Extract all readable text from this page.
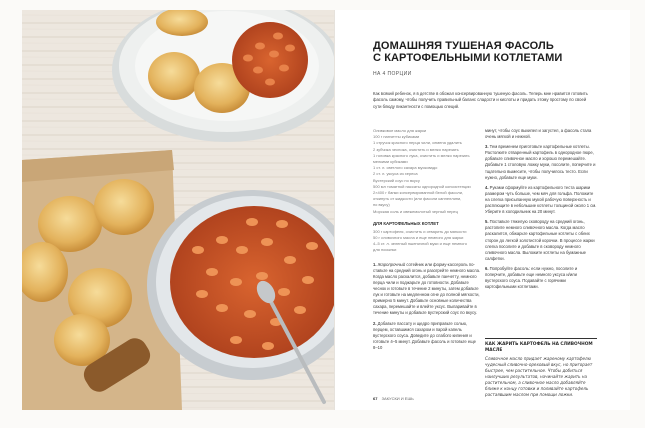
ДОМАШНЯЯ ТУШЕНАЯ ФАСОЛЬ
С КАРТОФЕЛЬНЫМИ КОТЛЕТАМИ

НА 4 ПОРЦИИ

Как всякий ребенок, я в детстве в обожал консервированную тушеную фасоль. Теперь мне нравится готовить фасоль самому, чтобы получить правильный баланс сладости и кислоты и придать этому простому по своей сути блюду пикантности с помощью специй.

Оливковое масло для жарки

100 г панчетты кубиками

1 стручок красного перца чили, семена удалить

2 зубчика чеснока, очистить и мелко нарезать

1 головка красного лука, очистить и мелко нарезать

мелкими кубиками

1 ст. л. светлого сахара мусковадо

2 ст. л. уксуса из хереса

Вустерский соус по вкусу

500 мл томатной пассаты однородной консистенции

2×400 г банки консервированной белой фасоли,

откинуть от жидкости (или фасоли каннеллини,

по вкусу)

Морская соль и свежемолотый черный перец

ДЛЯ КАРТОФЕЛЬНЫХ КОТЛЕТ

300 г картофеля, очистить и отварить до мягкости

50 г сливочного масла и еще немного для жарки

4–5 ст. л. зеленый пшеничной муки и еще немного

для посыпки

1. Жаропрочный сотейник или форму-кассероль по-ставьте на средний огонь и разогрейте немного масла. Когда масло раскалится, добавьте панчетту, немного перца чили и поджарьте до готовности. Добавьте чеснок и готовьте в течение 2 минуты, затем добавьте лук и готовьте на медленном огне до полной мягкости, примерно 5 минут. Добавьте основные количества сахара, перемешайте и влейте уксус. Выпаривайте в течение минуты и добавьте вустерский соус по вкусу.

2. Добавьте пассату и щедро приправьте солью, перцем, оставшимся сахаром и парой капель вустерского соуса. Доведите до слабого кипения и готовьте 4–5 минут. Добавьте фасоль и готовьте еще 8–10

минут, чтобы соус выкипел и загустел, а фасоль стала очень мягкой и нежной.

3. Тем временем приготовьте картофельные котлеты. Растолките отваренный картофель в однородное пюре, добавьте сливочное масло и хорошо перемешайте. Добавьте 1 столовую ложку муки, посолите, поперчите и тщательно вымесите, чтобы получилось тесто. Если нужно, добавьте еще муки.

4. Руками сформуйте из картофельного теста шарики размером чуть больше, чем мяч для гольфа. Положите на слегка присыпанную мукой рабочую поверхность и расплющите в небольшие котлеты толщиной около 1 см. Уберите в холодильник на 20 минут.

5. Поставьте тяжелую сковороду на средний огонь, растопите немного сливочного масла. Когда масло раскалится, обжарьте картофельные котлеты с обеих сторон до легкой золотистой корочки. В процессе жарки слегка посолите и добавьте в сковороду немного сливочного масла. Выложите котлеты на бумажные салфетки.

6. Попробуйте фасоль: если нужно, посолите и поперчите, добавьте еще немного уксуса и/или вустерского соуса. Подавайте с горячими картофельными котлетами.

КАК ЖАРИТЬ КАРТОФЕЛЬ НА СЛИВОЧНОМ МАСЛЕ

Сливочное масло придает жареному картофелю чудесный сливочно-ореховый вкус, но пригорает быстрее, чем растительное. Чтобы добиться наилучших результатов, начинайте жарить на растительном, а сливочное масло добавляйте ближе к концу готовки и поливайте картофель растаявшим маслом при помощи ложки.

67 ЗАКУСКИ И ЕШЬ
